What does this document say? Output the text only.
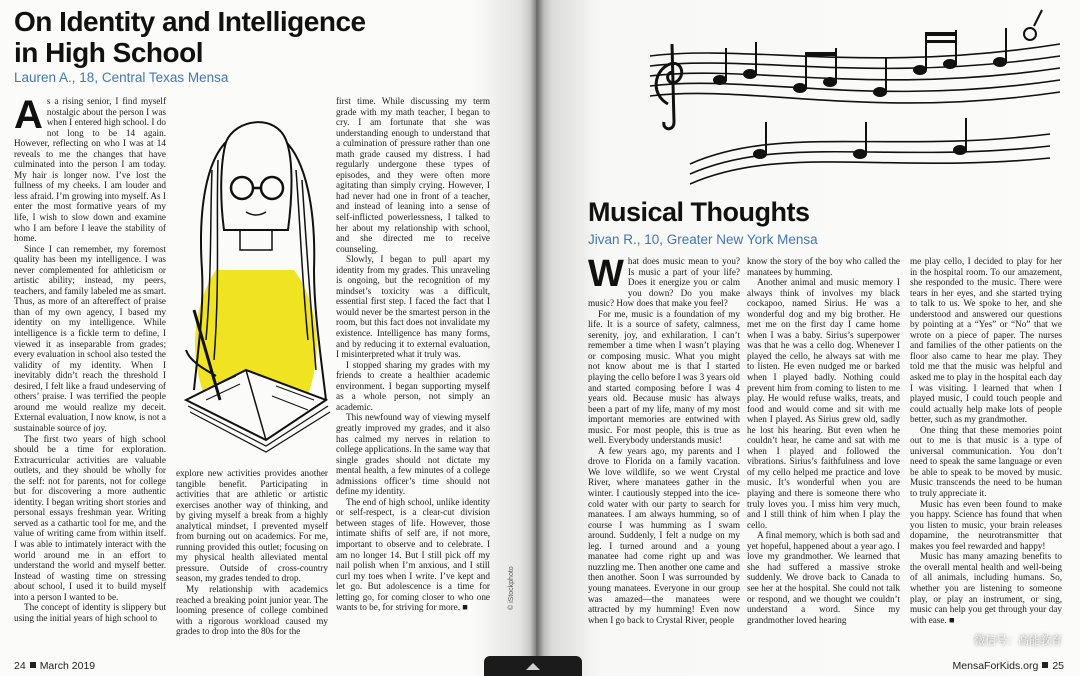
On Identity and Intelligence in High School
Lauren A., 18, Central Texas Mensa

As a rising senior, I find myself nostalgic about the person I was when I entered high school. I do not long to be 14 again. However, reflecting on who I was at 14 reveals to me the changes that have culminated into the person I am today. My hair is longer now. I’ve lost the fullness of my cheeks. I am louder and less afraid. I’m growing into myself. As I enter the most formative years of my life, I wish to slow down and examine who I am before I leave the stability of home.

Since I can remember, my foremost quality has been my intelligence. I was never complemented for athleticism or artistic ability; instead, my peers, teachers, and family labeled me as smart. Thus, as more of an aftereffect of praise than of my own agency, I based my identity on my intelligence. While intelligence is a fickle term to define, I viewed it as inseparable from grades; every evaluation in school also tested the validity of my identity. When I inevitably didn’t reach the threshold I desired, I felt like a fraud undeserving of others’ praise. I was terrified the people around me would realize my deceit. External evaluation, I now know, is not a sustainable source of joy.

The first two years of high school should be a time for exploration. Extracurricular activities are valuable outlets, and they should be wholly for the self: not for parents, not for college but for discovering a more authentic identity. I began writing short stories and personal essays freshman year. Writing served as a cathartic tool for me, and the value of writing came from within itself. I was able to intimately interact with the world around me in an effort to understand the world and myself better. Instead of wasting time on stressing about school, I used it to build myself into a person I wanted to be.

The concept of identity is slippery but using the initial years of high school to

explore new activities provides another tangible benefit. Participating in activities that are athletic or artistic exercises another way of thinking, and by giving myself a break from a highly analytical mindset, I prevented myself from burning out on academics. For me, running provided this outlet; focusing on my physical health alleviated mental pressure. Outside of cross-country season, my grades tended to drop.

My relationship with academics reached a breaking point junior year. The looming presence of college combined with a rigorous workload caused my grades to drop into the 80s for the

first time. While discussing my term grade with my math teacher, I began to cry. I am fortunate that she was understanding enough to understand that a culmination of pressure rather than one math grade caused my distress. I had regularly undergone these types of episodes, and they were often more agitating than simply crying. However, I had never had one in front of a teacher, and instead of leaning into a sense of self-inflicted powerlessness, I talked to her about my relationship with school, and she directed me to receive counseling.

Slowly, I began to pull apart my identity from my grades. This unraveling is ongoing, but the recognition of my mindset’s toxicity was a difficult, essential first step. I faced the fact that I would never be the smartest person in the room, but this fact does not invalidate my existence. Intelligence has many forms, and by reducing it to external evaluation, I misinterpreted what it truly was.

I stopped sharing my grades with my friends to create a healthier academic environment. I began supporting myself as a whole person, not simply an academic.

This newfound way of viewing myself greatly improved my grades, and it also has calmed my nerves in relation to college applications. In the same way that single grades should not dictate my mental health, a few minutes of a college admissions officer’s time should not define my identity.

The end of high school, unlike identity or self-respect, is a clear-cut division between stages of life. However, those intimate shifts of self are, if not more, important to observe and to celebrate. I am no longer 14. But I still pick off my nail polish when I’m anxious, and I still curl my toes when I write. I’ve kept and let go. But adolescence is a time for letting go, for coming closer to who one wants to be, for striving for more. ■	© iStockphoto
24 March 2019
Musical Thoughts
Jivan R., 10, Greater New York Mensa

What does music mean to you? Is music a part of your life? Does it energize you or calm you down? Do you make music? How does that make you feel?

For me, music is a foundation of my life. It is a source of safety, calmness, serenity, joy, and exhilaration. I can’t remember a time when I wasn’t playing or composing music. What you might not know about me is that I started playing the cello before I was 3 years old and started composing before I was 4 years old. Because music has always been a part of my life, many of my most important memories are entwined with music. For most people, this is true as well. Everybody understands music!

A few years ago, my parents and I drove to Florida on a family vacation. We love wildlife, so we went Crystal River, where manatees gather in the winter. I cautiously stepped into the ice-cold water with our party to search for manatees. I am always humming, so of course I was humming as I swam around. Suddenly, I felt a nudge on my leg. I turned around and a young manatee had come right up and was nuzzling me. Then another one came and then another. Soon I was surrounded by young manatees. Everyone in our group was amazed—the manatees were attracted by my humming! Even now when I go back to Crystal River, people

know the story of the boy who called the manatees by humming.

Another animal and music memory I always think of involves my black cockapoo, named Sirius. He was a wonderful dog and my big brother. He met me on the first day I came home when I was a baby. Sirius’s superpower was that he was a cello dog. Whenever I played the cello, he always sat with me to listen. He even nudged me or barked when I played badly. Nothing could prevent him from coming to listen to me play. He would refuse walks, treats, and food and would come and sit with me when I played. As Sirius grew old, sadly he lost his hearing. But even when he couldn’t hear, he came and sat with me when I played and followed the vibrations. Sirius’s faithfulness and love of my cello helped me practice and love music. It’s wonderful when you are playing and there is someone there who truly loves you. I miss him very much, and I still think of him when I play the cello.

A final memory, which is both sad and yet hopeful, happened about a year ago. I love my grandmother. We learned that she had suffered a massive stroke suddenly. We drove back to Canada to see her at the hospital. She could not talk or respond, and we thought we couldn’t understand a word. Since my grandmother loved hearing

me play cello, I decided to play for her in the hospital room. To our amazement, she responded to the music. There were tears in her eyes, and she started trying to talk to us. We spoke to her, and she understood and answered our questions by pointing at a “Yes” or “No” that we wrote on a piece of paper. The nurses and families of the other patients on the floor also came to hear me play. They told me that the music was helpful and asked me to play in the hospital each day I was visiting. I learned that when I played music, I could touch people and could actually help make lots of people better, such as my grandmother.

One thing that these memories point out to me is that music is a type of universal communication. You don’t need to speak the same language or even be able to speak to be moved by music. Music transcends the need to be human to truly appreciate it.

Music has even been found to make you happy. Science has found that when you listen to music, your brain releases dopamine, the neurotransmitter that makes you feel rewarded and happy!

Music has many amazing benefits to the overall mental health and well-being of all animals, including humans. So, whether you are listening to someone play, or play an instrument, or sing, music can help you get through your day with ease. ■

微信号：高能教育
MensaForKids.org 25
